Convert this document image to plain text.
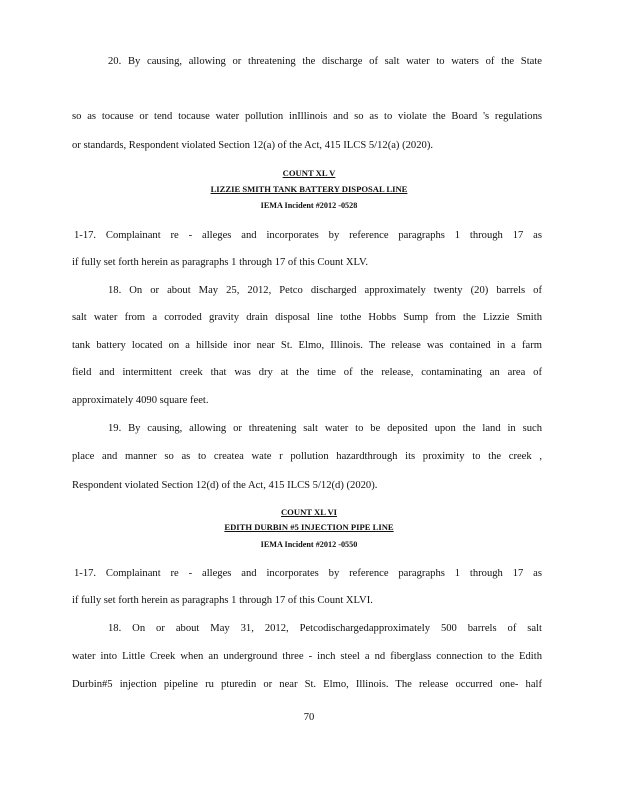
20. By causing, allowing or threatening the discharge of salt water to waters of the State
so as tocause or tend tocause water pollution inIllinois and so as to violate the Board 's regulations
or standards, Respondent violated Section 12(a) of the Act, 415 ILCS 5/12(a) (2020).
COUNT XL V
LIZZIE SMITH TANK BATTERY DISPOSAL LINE
IEMA Incident #2012 -0528
1-17. Complainant re - alleges and incorporates by reference paragraphs 1 through 17 as
if fully set forth herein as paragraphs 1 through 17 of this Count XLV.
18. On or about May 25, 2012, Petco discharged approximately twenty (20) barrels of
salt water from a corroded gravity drain disposal line tothe Hobbs Sump from the Lizzie Smith
tank battery located on a hillside inor near St. Elmo, Illinois. The release was contained in a farm
field and intermittent creek that was dry at the time of the release, contaminating an area of
approximately 4090 square feet.
19. By causing, allowing or threatening salt water to be deposited upon the land in such
place and manner so as to createa wate r pollution hazardthrough its proximity to the creek ,
Respondent violated Section 12(d) of the Act, 415 ILCS 5/12(d) (2020).
COUNT XL VI
EDITH DURBIN #5 INJECTION PIPE LINE
IEMA Incident #2012 -0550
1-17. Complainant re - alleges and incorporates by reference paragraphs 1 through 17 as
if fully set forth herein as paragraphs 1 through 17 of this Count XLVI.
18. On or about May 31, 2012, Petcodischargedapproximately 500 barrels of salt
water into Little Creek when an underground three - inch steel a nd fiberglass connection to the Edith
Durbin#5 injection pipeline ru pturedin or near St. Elmo, Illinois. The release occurred one- half
70
